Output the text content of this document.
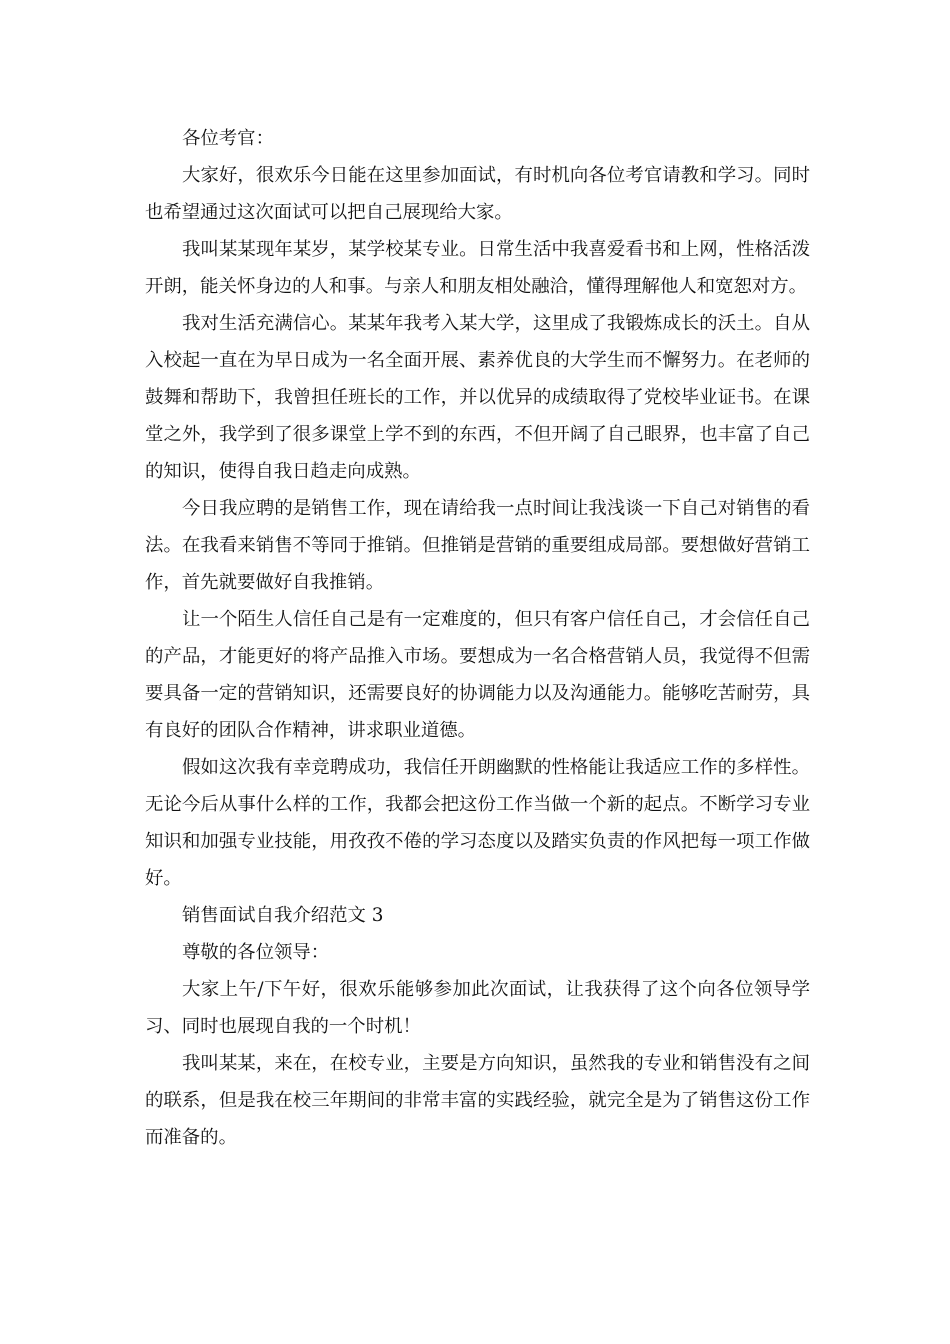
各位考官：

大家好，很欢乐今日能在这里参加面试，有时机向各位考官请教和学习。同时也希望通过这次面试可以把自己展现给大家。

我叫某某现年某岁，某学校某专业。日常生活中我喜爱看书和上网，性格活泼开朗，能关怀身边的人和事。与亲人和朋友相处融洽，懂得理解他人和宽恕对方。

我对生活充满信心。某某年我考入某大学，这里成了我锻炼成长的沃土。自从入校起一直在为早日成为一名全面开展、素养优良的大学生而不懈努力。在老师的鼓舞和帮助下，我曾担任班长的工作，并以优异的成绩取得了党校毕业证书。在课堂之外，我学到了很多课堂上学不到的东西，不但开阔了自己眼界，也丰富了自己的知识，使得自我日趋走向成熟。

今日我应聘的是销售工作，现在请给我一点时间让我浅谈一下自己对销售的看法。在我看来销售不等同于推销。但推销是营销的重要组成局部。要想做好营销工作，首先就要做好自我推销。

让一个陌生人信任自己是有一定难度的，但只有客户信任自己，才会信任自己的产品，才能更好的将产品推入市场。要想成为一名合格营销人员，我觉得不但需要具备一定的营销知识，还需要良好的协调能力以及沟通能力。能够吃苦耐劳，具有良好的团队合作精神，讲求职业道德。

假如这次我有幸竞聘成功，我信任开朗幽默的性格能让我适应工作的多样性。无论今后从事什么样的工作，我都会把这份工作当做一个新的起点。不断学习专业知识和加强专业技能，用孜孜不倦的学习态度以及踏实负责的作风把每一项工作做好。

销售面试自我介绍范文 3

尊敬的各位领导：

大家上午/下午好，很欢乐能够参加此次面试，让我获得了这个向各位领导学习、同时也展现自我的一个时机！

我叫某某，来在，在校专业，主要是方向知识，虽然我的专业和销售没有之间的联系，但是我在校三年期间的非常丰富的实践经验，就完全是为了销售这份工作而准备的。
